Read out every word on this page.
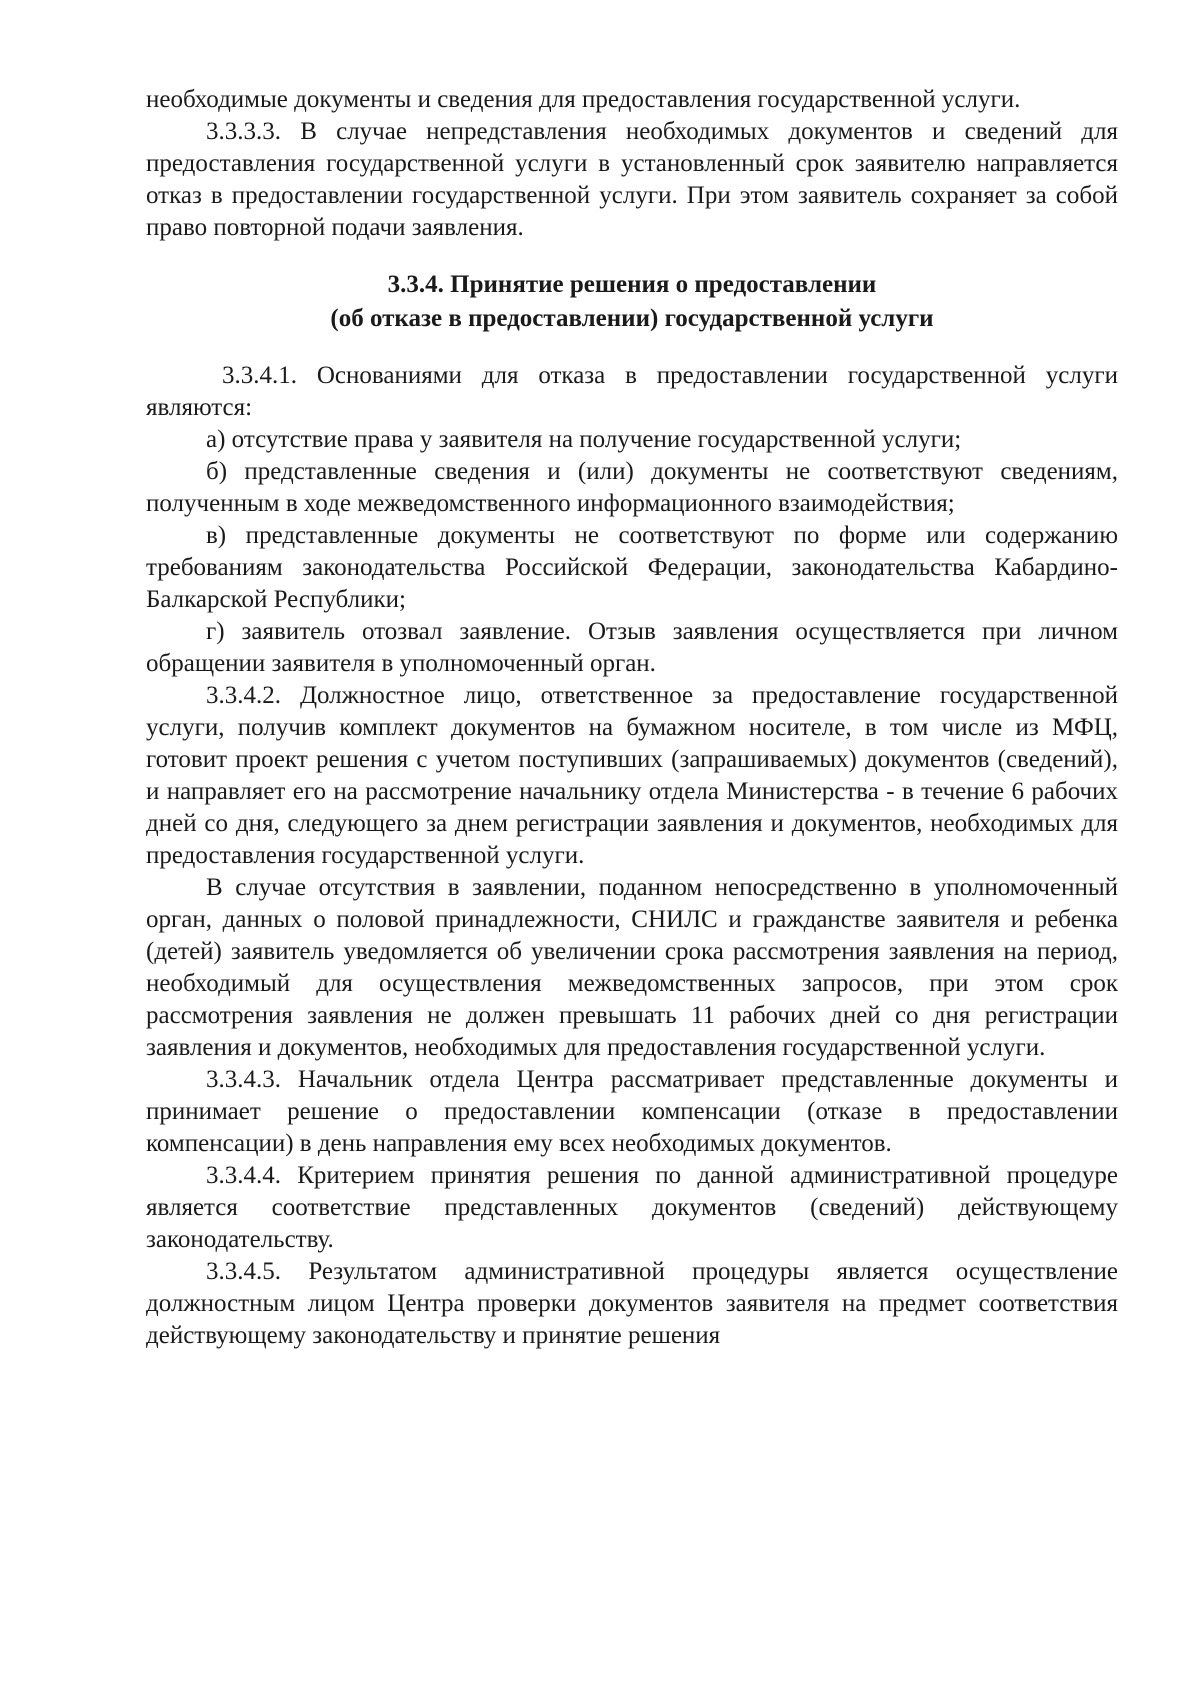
необходимые документы и сведения для предоставления государственной услуги.

3.3.3.3. В случае непредставления необходимых документов и сведений для предоставления государственной услуги в установленный срок заявителю направляется отказ в предоставлении государственной услуги. При этом заявитель сохраняет за собой право повторной подачи заявления.

3.3.4. Принятие решения о предоставлении
(об отказе в предоставлении) государственной услуги

3.3.4.1. Основаниями для отказа в предоставлении государственной услуги являются:

а) отсутствие права у заявителя на получение государственной услуги;

б) представленные сведения и (или) документы не соответствуют сведениям, полученным в ходе межведомственного информационного взаимодействия;

в) представленные документы не соответствуют по форме или содержанию требованиям законодательства Российской Федерации, законодательства Кабардино-Балкарской Республики;

г) заявитель отозвал заявление. Отзыв заявления осуществляется при личном обращении заявителя в уполномоченный орган.

3.3.4.2. Должностное лицо, ответственное за предоставление государственной услуги, получив комплект документов на бумажном носителе, в том числе из МФЦ, готовит проект решения с учетом поступивших (запрашиваемых) документов (сведений), и направляет его на рассмотрение начальнику отдела Министерства - в течение 6 рабочих дней со дня, следующего за днем регистрации заявления и документов, необходимых для предоставления государственной услуги.

В случае отсутствия в заявлении, поданном непосредственно в уполномоченный орган, данных о половой принадлежности, СНИЛС и гражданстве заявителя и ребенка (детей) заявитель уведомляется об увеличении срока рассмотрения заявления на период, необходимый для осуществления межведомственных запросов, при этом срок рассмотрения заявления не должен превышать 11 рабочих дней со дня регистрации заявления и документов, необходимых для предоставления государственной услуги.

3.3.4.3. Начальник отдела Центра рассматривает представленные документы и принимает решение о предоставлении компенсации (отказе в предоставлении компенсации) в день направления ему всех необходимых документов.

3.3.4.4. Критерием принятия решения по данной административной процедуре является соответствие представленных документов (сведений) действующему законодательству.

3.3.4.5. Результатом административной процедуры является осуществление должностным лицом Центра проверки документов заявителя на предмет соответствия действующему законодательству и принятие решения
